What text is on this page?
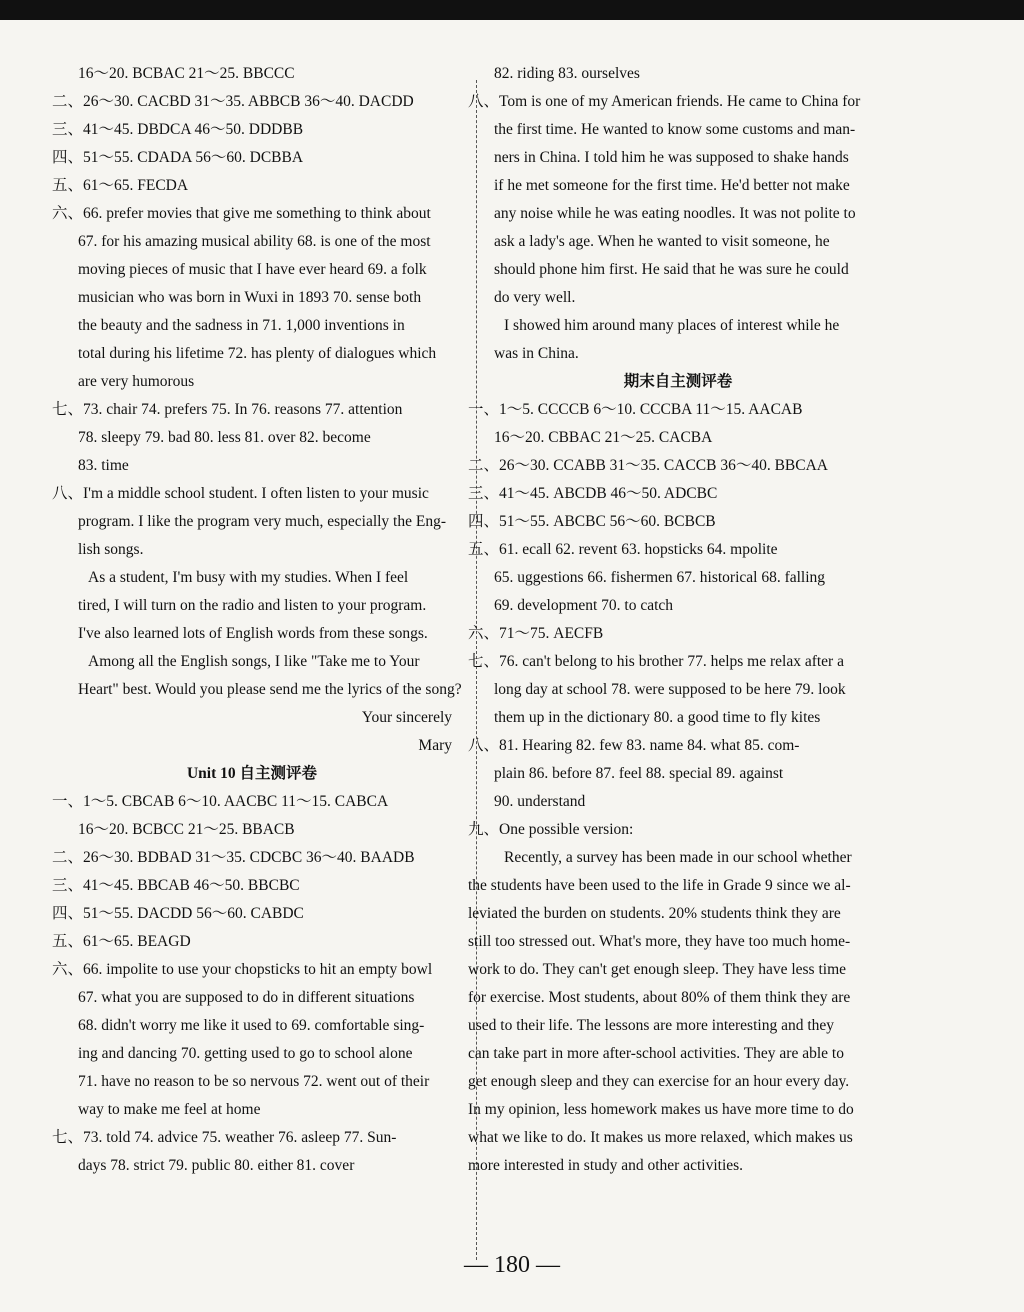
16～20. BCBAC 21～25. BBCCC
二、26～30. CACBD 31～35. ABBCB 36～40. DACDD
三、41～45. DBDCA 46～50. DDDBB
四、51～55. CDADA 56～60. DCBBA
五、61～65. FECDA
六、66. prefer movies that give me something to think about
67. for his amazing musical ability 68. is one of the most
moving pieces of music that I have ever heard 69. a folk
musician who was born in Wuxi in 1893 70. sense both
the beauty and the sadness in 71. 1,000 inventions in
total during his lifetime 72. has plenty of dialogues which
are very humorous
七、73. chair 74. prefers 75. In 76. reasons 77. attention
78. sleepy 79. bad 80. less 81. over 82. become
83. time
八、I'm a middle school student. I often listen to your music
program. I like the program very much, especially the Eng-
lish songs.
As a student, I'm busy with my studies. When I feel
tired, I will turn on the radio and listen to your program.
I've also learned lots of English words from these songs.
Among all the English songs, I like "Take me to Your
Heart" best. Would you please send me the lyrics of the song?
Your sincerely
Mary
Unit 10 自主测评卷
一、1～5. CBCAB 6～10. AACBC 11～15. CABCA
16～20. BCBCC 21～25. BBACB
二、26～30. BDBAD 31～35. CDCBC 36～40. BAADB
三、41～45. BBCAB 46～50. BBCBC
四、51～55. DACDD 56～60. CABDC
五、61～65. BEAGD
六、66. impolite to use your chopsticks to hit an empty bowl
67. what you are supposed to do in different situations
68. didn't worry me like it used to 69. comfortable sing-
ing and dancing 70. getting used to go to school alone
71. have no reason to be so nervous 72. went out of their
way to make me feel at home
七、73. told 74. advice 75. weather 76. asleep 77. Sun-
days 78. strict 79. public 80. either 81. cover
82. riding 83. ourselves
八、Tom is one of my American friends. He came to China for
the first time. He wanted to know some customs and man-
ners in China. I told him he was supposed to shake hands
if he met someone for the first time. He'd better not make
any noise while he was eating noodles. It was not polite to
ask a lady's age. When he wanted to visit someone, he
should phone him first. He said that he was sure he could
do very well.
I showed him around many places of interest while he
was in China.
期末自主测评卷
一、1～5. CCCCB 6～10. CCCBA 11～15. AACAB
16～20. CBBAC 21～25. CACBA
二、26～30. CCABB 31～35. CACCB 36～40. BBCAA
三、41～45. ABCDB 46～50. ADCBC
四、51～55. ABCBC 56～60. BCBCB
五、61. ecall 62. revent 63. hopsticks 64. mpolite
65. uggestions 66. fishermen 67. historical 68. falling
69. development 70. to catch
六、71～75. AECFB
七、76. can't belong to his brother 77. helps me relax after a
long day at school 78. were supposed to be here 79. look
them up in the dictionary 80. a good time to fly kites
八、81. Hearing 82. few 83. name 84. what 85. com-
plain 86. before 87. feel 88. special 89. against
90. understand
九、One possible version:
Recently, a survey has been made in our school whether
the students have been used to the life in Grade 9 since we al-
leviated the burden on students. 20% students think they are
still too stressed out. What's more, they have too much home-
work to do. They can't get enough sleep. They have less time
for exercise. Most students, about 80% of them think they are
used to their life. The lessons are more interesting and they
can take part in more after-school activities. They are able to
get enough sleep and they can exercise for an hour every day.
In my opinion, less homework makes us have more time to do
what we like to do. It makes us more relaxed, which makes us
more interested in study and other activities.
— 180 —
